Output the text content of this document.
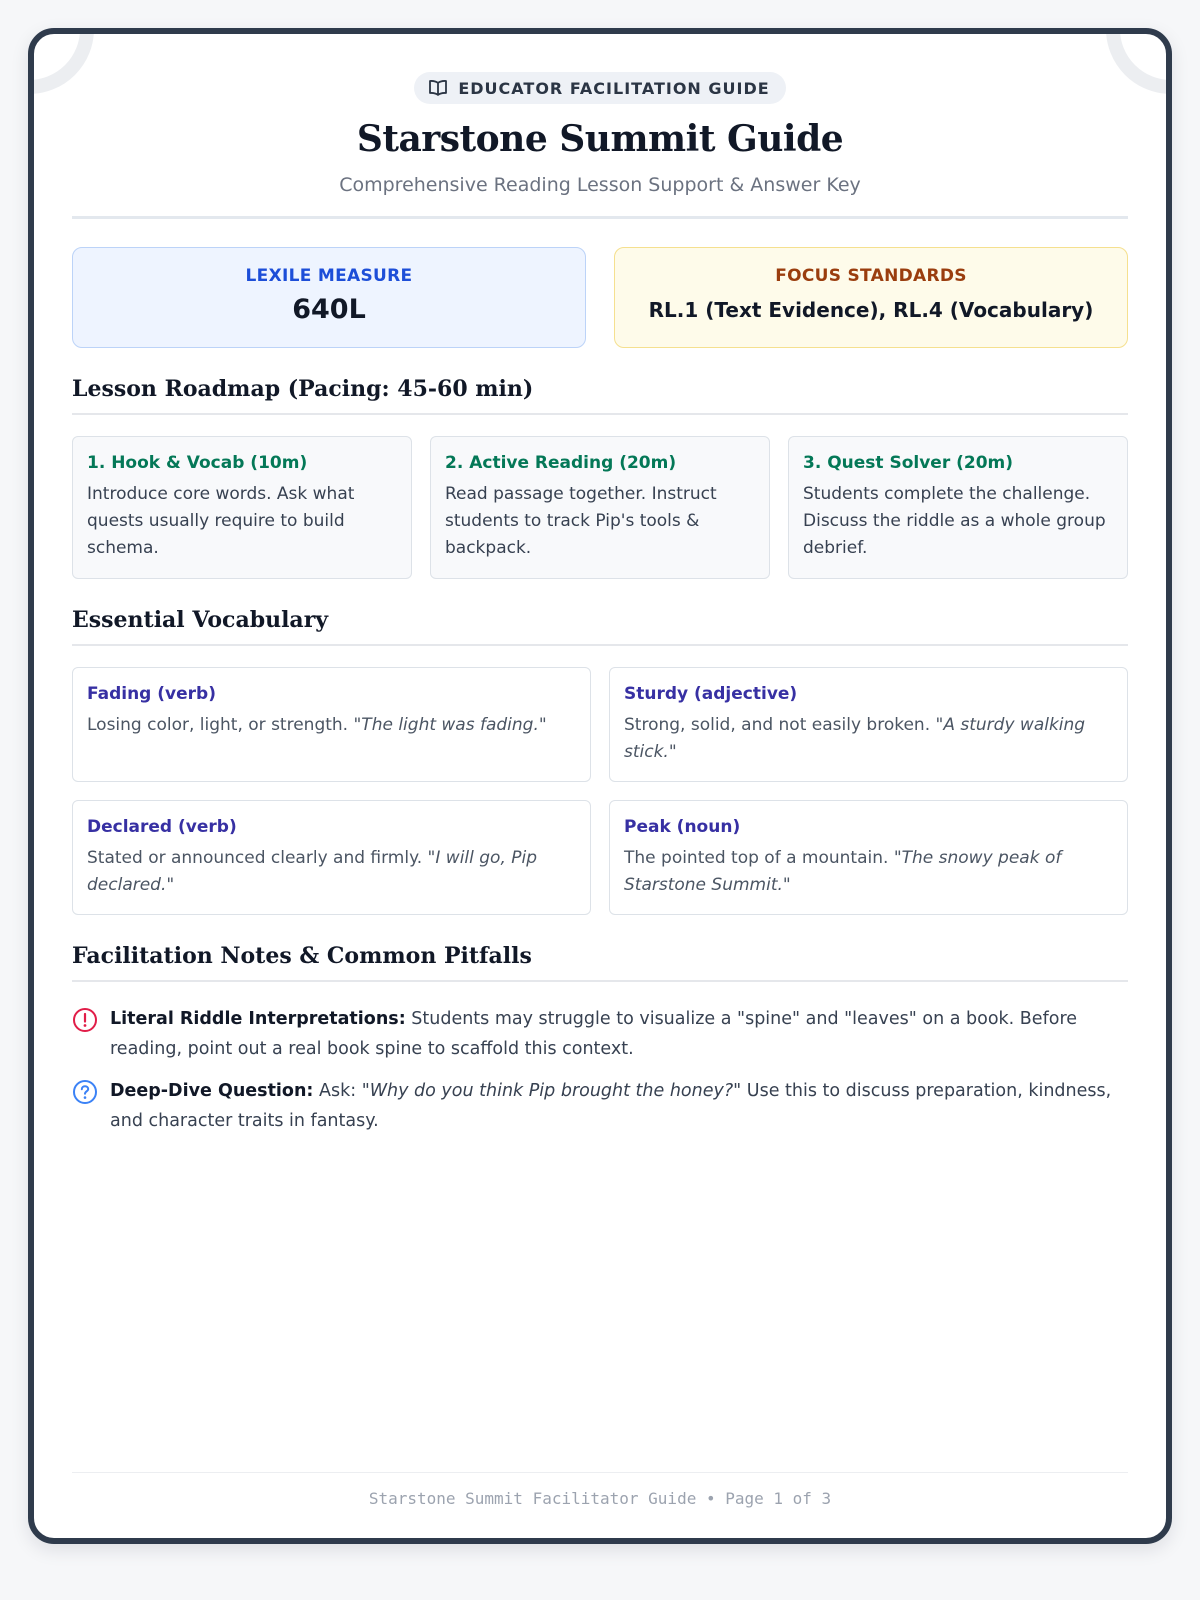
EDUCATOR FACILITATION GUIDE
Starstone Summit Guide
Comprehensive Reading Lesson Support & Answer Key
LEXILE MEASURE
640L
FOCUS STANDARDS
RL.1 (Text Evidence), RL.4 (Vocabulary)
Lesson Roadmap (Pacing: 45-60 min)
1. Hook & Vocab (10m)
Introduce core words. Ask what quests usually require to build schema.
2. Active Reading (20m)
Read passage together. Instruct students to track Pip's tools & backpack.
3. Quest Solver (20m)
Students complete the challenge. Discuss the riddle as a whole group debrief.
Essential Vocabulary
Fading (verb)
Losing color, light, or strength. "The light was fading."
Sturdy (adjective)
Strong, solid, and not easily broken. "A sturdy walking stick."
Declared (verb)
Stated or announced clearly and firmly. "I will go, Pip declared."
Peak (noun)
The pointed top of a mountain. "The snowy peak of Starstone Summit."
Facilitation Notes & Common Pitfalls
Literal Riddle Interpretations: Students may struggle to visualize a "spine" and "leaves" on a book. Before reading, point out a real book spine to scaffold this context.
Deep-Dive Question: Ask: "Why do you think Pip brought the honey?" Use this to discuss preparation, kindness, and character traits in fantasy.
Starstone Summit Facilitator Guide • Page 1 of 3
